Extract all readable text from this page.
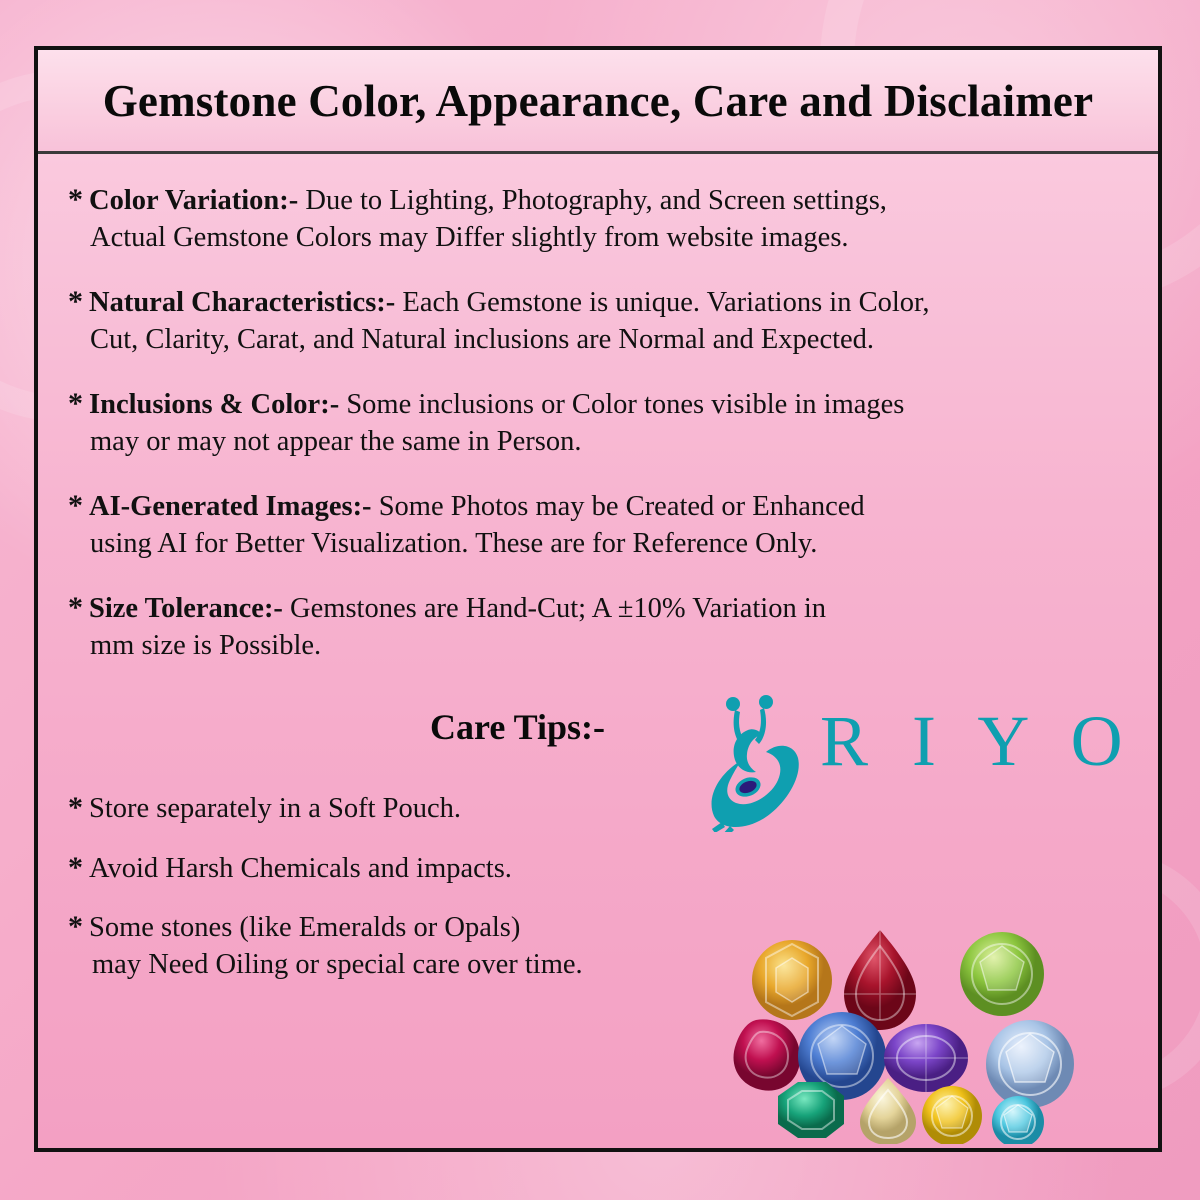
Gemstone Color, Appearance, Care and Disclaimer
* Color Variation:- Due to Lighting, Photography, and Screen settings,
Actual Gemstone Colors may Differ slightly from website images.
* Natural Characteristics:- Each Gemstone is unique. Variations in Color,
Cut, Clarity, Carat, and Natural inclusions are Normal and Expected.
* Inclusions & Color:- Some inclusions or Color tones visible in images
may or may not appear the same in Person.
* AI-Generated Images:- Some Photos may be Created or Enhanced
using AI for Better Visualization. These are for Reference Only.
* Size Tolerance:- Gemstones are Hand-Cut; A ±10% Variation in
mm size is Possible.
Care Tips:-	R I Y O
* Store separately in a Soft Pouch.
* Avoid Harsh Chemicals and impacts.
* Some stones (like Emeralds or Opals)
may Need Oiling or special care over time.
